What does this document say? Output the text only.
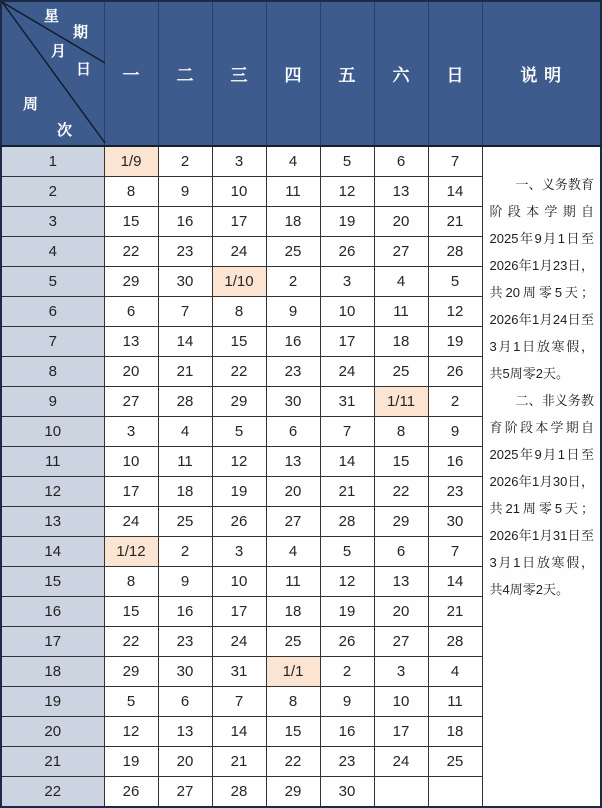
星
期
月
日
周
次
	一	二	三	四	五	六	日	说 明
1	1/9	2	3	4	5	6	7	一、义务教育阶段本学期自2025年9月1日至2026年1月23日，共20周零5天；2026年1月24日至3月1日放寒假，共5周零2天。

二、非义务教育阶段本学期自2025年9月1日至2026年1月30日，共21周零5天；2026年1月31日至3月1日放寒假，共4周零2天。

2	8	9	10	11	12	13	14	
3	15	16	17	18	19	20	21	
4	22	23	24	25	26	27	28	
5	29	30	1/10	2	3	4	5	
6	6	7	8	9	10	11	12	
7	13	14	15	16	17	18	19	
8	20	21	22	23	24	25	26	
9	27	28	29	30	31	1/11	2	
10	3	4	5	6	7	8	9	
11	10	11	12	13	14	15	16	
12	17	18	19	20	21	22	23	
13	24	25	26	27	28	29	30	
14	1/12	2	3	4	5	6	7	
15	8	9	10	11	12	13	14	
16	15	16	17	18	19	20	21	
17	22	23	24	25	26	27	28	
18	29	30	31	1/1	2	3	4	
19	5	6	7	8	9	10	11	
20	12	13	14	15	16	17	18	
21	19	20	21	22	23	24	25	
22	26	27	28	29	30			
